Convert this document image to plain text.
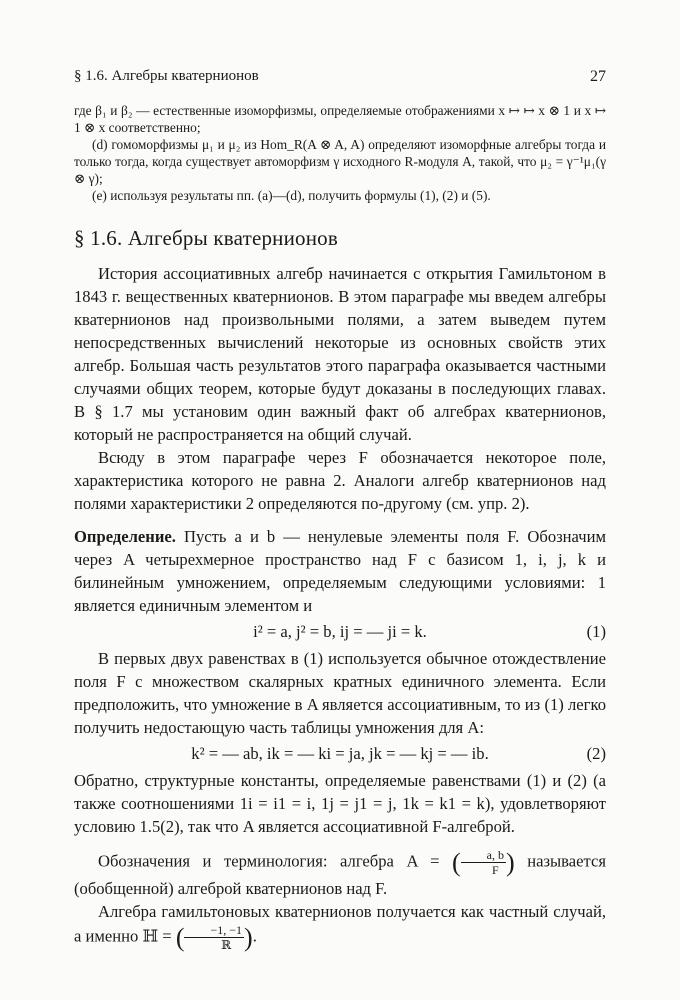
§ 1.6. Алгебры кватернионов	27

где β₁ и β₂ — естественные изоморфизмы, определяемые отображениями x ↦ ↦ x ⊗ 1 и x ↦ 1 ⊗ x соответственно;

(d) гомоморфизмы μ₁ и μ₂ из Hom_R(A ⊗ A, A) определяют изоморфные алгебры тогда и только тогда, когда существует автоморфизм γ исходного R-модуля A, такой, что μ₂ = γ⁻¹μ₁(γ ⊗ γ);

(e) используя результаты пп. (a)—(d), получить формулы (1), (2) и (5).

§ 1.6. Алгебры кватернионов

История ассоциативных алгебр начинается с открытия Гамильтоном в 1843 г. вещественных кватернионов. В этом параграфе мы введем алгебры кватернионов над произвольными полями, а затем выведем путем непосредственных вычислений некоторые из основных свойств этих алгебр. Большая часть результатов этого параграфа оказывается частными случаями общих теорем, которые будут доказаны в последующих главах. В § 1.7 мы установим один важный факт об алгебрах кватернионов, который не распространяется на общий случай.

Всюду в этом параграфе через F обозначается некоторое поле, характеристика которого не равна 2. Аналоги алгебр кватернионов над полями характеристики 2 определяются по-другому (см. упр. 2).

Определение. Пусть a и b — ненулевые элементы поля F. Обозначим через A четырехмерное пространство над F с базисом 1, i, j, k и билинейным умножением, определяемым следующими условиями: 1 является единичным элементом и

i² = a, j² = b, ij = — ji = k.	(1)

В первых двух равенствах в (1) используется обычное отождествление поля F с множеством скалярных кратных единичного элемента. Если предположить, что умножение в A является ассоциативным, то из (1) легко получить недостающую часть таблицы умножения для A:

k² = — ab, ik = — ki = ja, jk = — kj = — ib.	(2)

Обратно, структурные константы, определяемые равенствами (1) и (2) (а также соотношениями 1i = i1 = i, 1j = j1 = j, 1k = k1 = k), удовлетворяют условию 1.5(2), так что A является ассоциативной F-алгеброй.

Обозначения и терминология: алгебра A = ( $\frac{a, b}{F}$ ) называется (обобщенной) алгеброй кватернионов над F.

Алгебра гамильтоновых кватернионов получается как частный случай, а именно ℍ = ( $\frac{-1, -1}{\text{ℝ}}$ ).
